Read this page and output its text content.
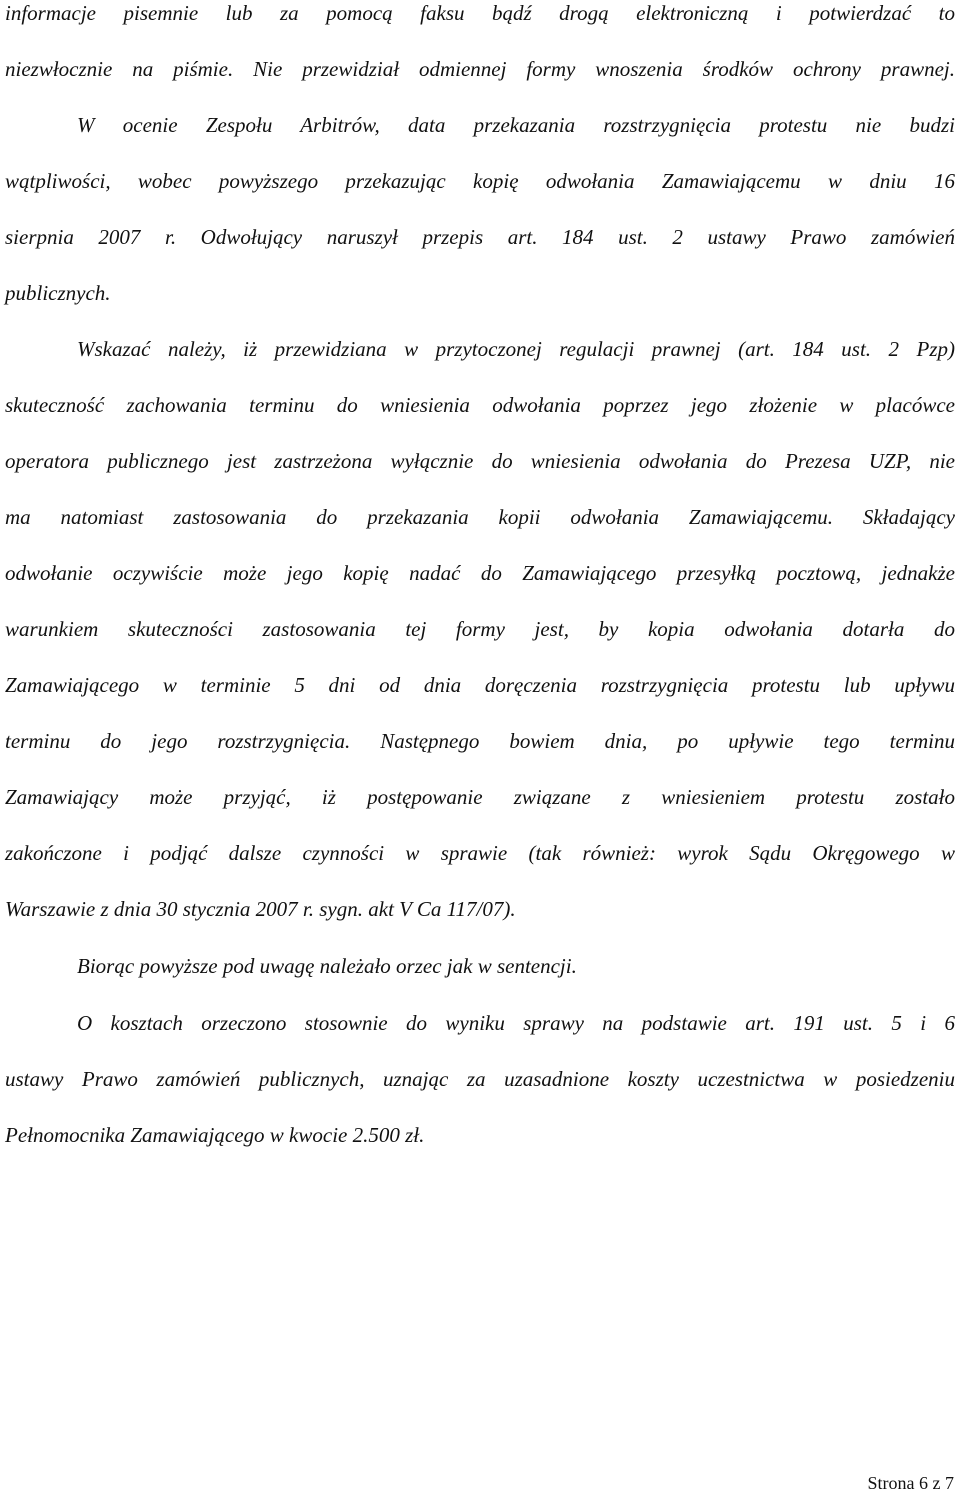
informacje pisemnie lub za pomocą faksu bądź drogą elektroniczną i potwierdzać to
niezwłocznie na piśmie. Nie przewidział odmiennej formy wnoszenia środków ochrony prawnej.
W ocenie Zespołu Arbitrów, data przekazania rozstrzygnięcia protestu nie budzi
wątpliwości, wobec powyższego przekazując kopię odwołania Zamawiającemu w dniu 16
sierpnia 2007 r. Odwołujący naruszył przepis art. 184 ust. 2 ustawy Prawo zamówień
publicznych.
Wskazać należy, iż przewidziana w przytoczonej regulacji prawnej (art. 184 ust. 2 Pzp)
skuteczność zachowania terminu do wniesienia odwołania poprzez jego złożenie w placówce
operatora publicznego jest zastrzeżona wyłącznie do wniesienia odwołania do Prezesa UZP, nie
ma natomiast zastosowania do przekazania kopii odwołania Zamawiającemu. Składający
odwołanie oczywiście może jego kopię nadać do Zamawiającego przesyłką pocztową, jednakże
warunkiem skuteczności zastosowania tej formy jest, by kopia odwołania dotarła do
Zamawiającego w terminie 5 dni od dnia doręczenia rozstrzygnięcia protestu lub upływu
terminu do jego rozstrzygnięcia. Następnego bowiem dnia, po upływie tego terminu
Zamawiający może przyjąć, iż postępowanie związane z wniesieniem protestu zostało
zakończone i podjąć dalsze czynności w sprawie (tak również: wyrok Sądu Okręgowego w
Warszawie z dnia 30 stycznia 2007 r. sygn. akt V Ca 117/07).
Biorąc powyższe pod uwagę należało orzec jak w sentencji.
O kosztach orzeczono stosownie do wyniku sprawy na podstawie art. 191 ust. 5 i 6
ustawy Prawo zamówień publicznych, uznając za uzasadnione koszty uczestnictwa w posiedzeniu
Pełnomocnika Zamawiającego w kwocie 2.500 zł.
Strona 6 z 7
